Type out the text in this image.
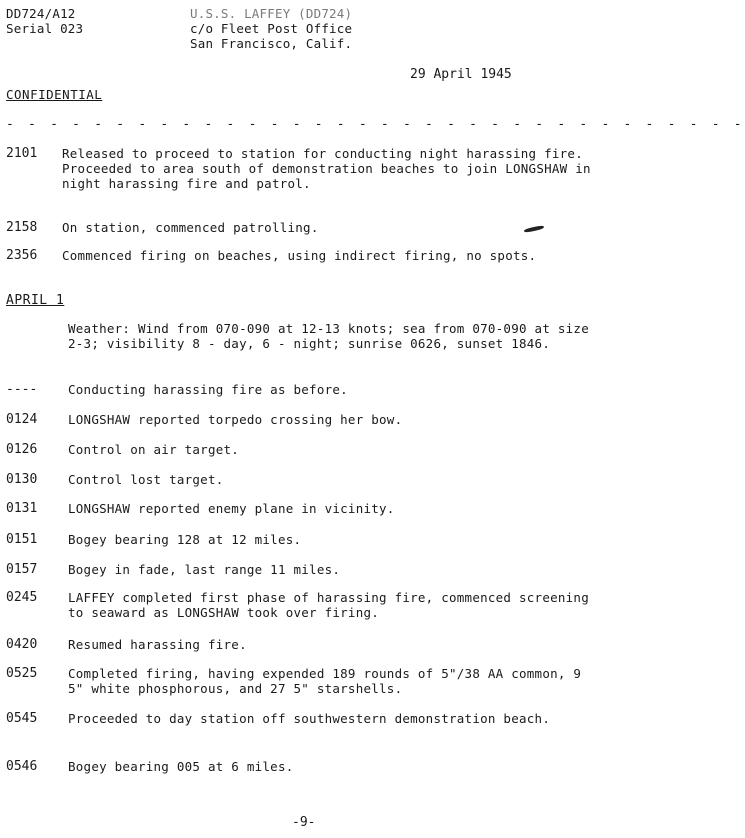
DD724/A12
Serial 023
U.S.S. LAFFEY (DD724)
c/o Fleet Post Office
San Francisco, Calif.
29 April 1945
CONFIDENTIAL
- - - - - - - - - - - - - - - - - - - - - - - - - - - - - - - - - -
2101	Released to proceed to station for conducting night harassing fire. Proceeded to area south of demonstration beaches to join LONGSHAW in night harassing fire and patrol.
2158	On station, commenced patrolling.
2356	Commenced firing on beaches, using indirect firing, no spots.
APRIL 1
Weather: Wind from 070-090 at 12-13 knots; sea from 070-090 at size 2-3; visibility 8 - day, 6 - night; sunrise 0626, sunset 1846.
----	Conducting harassing fire as before.
0124	LONGSHAW reported torpedo crossing her bow.
0126	Control on air target.
0130	Control lost target.
0131	LONGSHAW reported enemy plane in vicinity.
0151	Bogey bearing 128 at 12 miles.
0157	Bogey in fade, last range 11 miles.
0245	LAFFEY completed first phase of harassing fire, commenced screening to seaward as LONGSHAW took over firing.
0420	Resumed harassing fire.
0525	Completed firing, having expended 189 rounds of 5"/38 AA common, 9 5" white phosphorous, and 27 5" starshells.
0545	Proceeded to day station off southwestern demonstration beach.
0546	Bogey bearing 005 at 6 miles.
-9-
